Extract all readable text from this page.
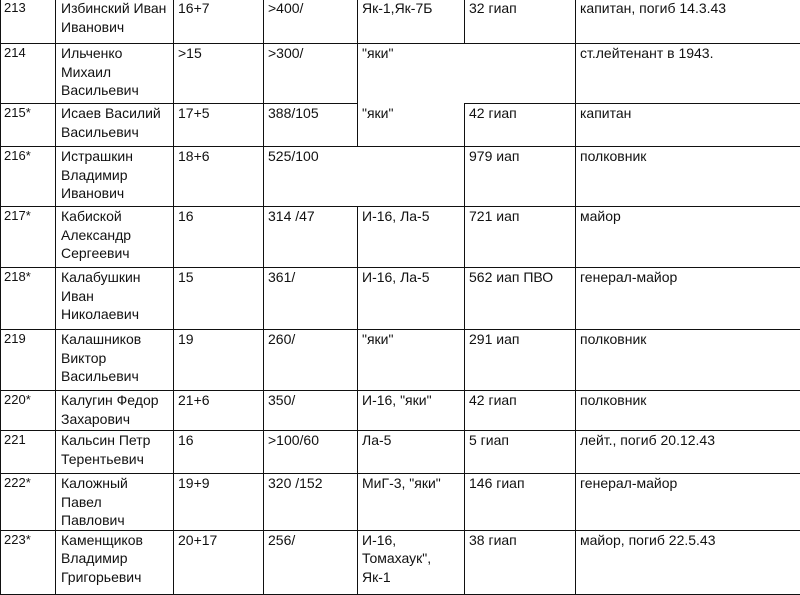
213	Избинский Иван Иванович	16+7	>400/	Як-1,Як-7Б	32 гиап	капитан, погиб 14.3.43
214	Ильченко Михаил Васильевич	>15	>300/	"яки"		ст.лейтенант в 1943.
215*	Исаев Василий Васильевич	17+5	388/105	"яки"	42 гиап	капитан
216*	Истрашкин Владимир Иванович	18+6	525/100		979 иап	полковник
217*	Кабиской Александр Сергеевич	16	314 /47	И-16, Ла-5	721 иап	майор
218*	Калабушкин Иван Николаевич	15	361/	И-16, Ла-5	562 иап ПВО	генерал-майор
219	Калашников Виктор Васильевич	19	260/	"яки"	291 иап	полковник
220*	Калугин Федор Захарович	21+6	350/	И-16, "яки"	42 гиап	полковник
221	Кальсин Петр Терентьевич	16	>100/60	Ла-5	5 гиап	лейт., погиб 20.12.43
222*	Каложный Павел Павлович	19+9	320 /152	МиГ-3, "яки"	146 гиап	генерал-майор
223*	Каменщиков Владимир Григорьевич	20+17	256/	И-16, Томахаук", Як-1	38 гиап	майор, погиб 22.5.43
